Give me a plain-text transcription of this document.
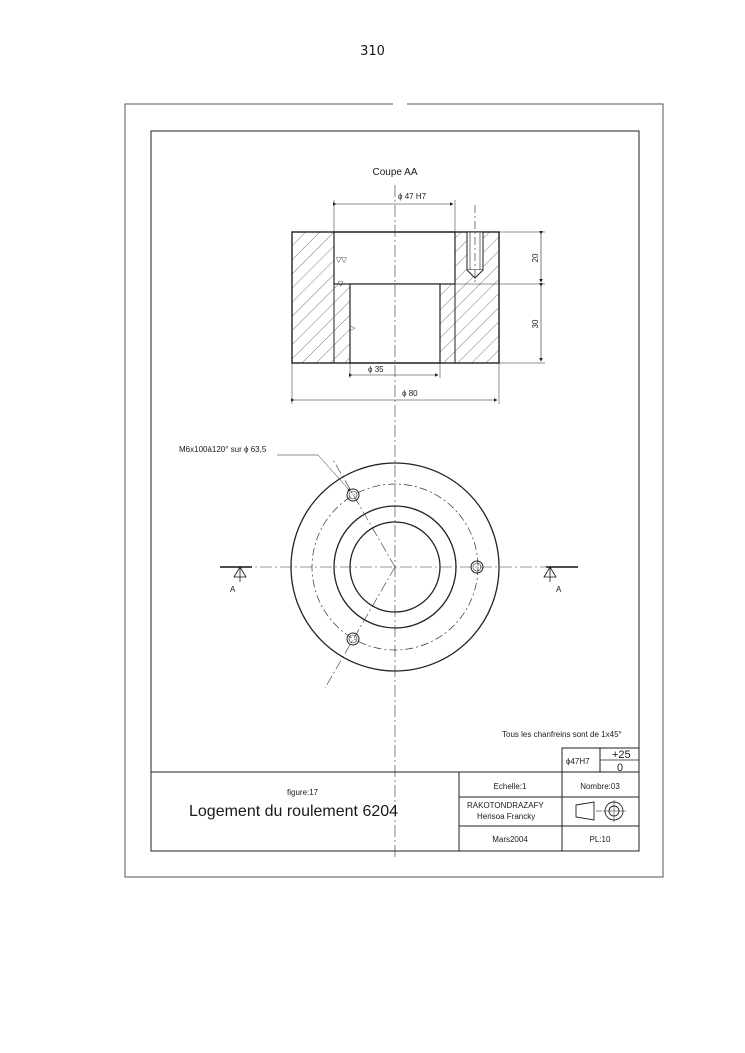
310
Coupe AA
▽▽
▽
▷
ϕ 47 H7
20
30
ϕ 35
ϕ 80
A	A
M6x100à120° sur ϕ 63,5
Tous les chanfreins sont de 1x45°
ϕ47H7
+25
0
figure:17
Logement du roulement 6204
Echelle:1	Nombre:03
RAKOTONDRAZAFY
Herisoa Francky
Mars2004	PL:10
